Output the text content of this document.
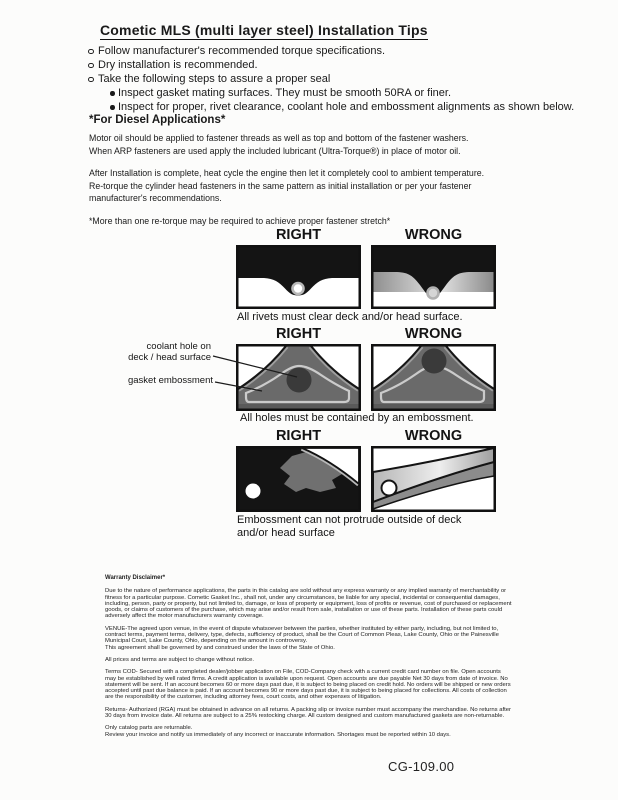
Cometic MLS (multi layer steel) Installation Tips
Follow manufacturer's recommended torque specifications.
Dry installation is recommended.
Take the following steps to assure a proper seal
Inspect gasket mating surfaces. They must be smooth 50RA or finer.
Inspect for proper, rivet clearance, coolant hole and embossment alignments as shown below.
*For Diesel Applications*

Motor oil should be applied to fastener threads as well as top and bottom of the fastener washers. When ARP fasteners are used apply the included lubricant (Ultra-Torque®) in place of motor oil.

After Installation is complete, heat cycle the engine then let it completely cool to ambient temperature. Re-torque the cylinder head fasteners in the same pattern as initial installation or per your fastener manufacturer's recommendations.

*More than one re-torque may be required to achieve proper fastener stretch*

RIGHT	WRONG
All rivets must clear deck and/or head surface.
RIGHT	WRONG
coolant hole on
deck / head surface
gasket embossment
All holes must be contained by an embossment.
RIGHT	WRONG
Embossment can not protrude outside of deck
and/or head surface
Warranty Disclaimer*

Due to the nature of performance applications, the parts in this catalog are sold without any express warranty or any implied warranty of merchantability or fitness for a particular purpose. Cometic Gasket Inc., shall not, under any circumstances, be liable for any special, incidental or consequential damages, including, person, party or property, but not limited to, damage, or loss of property or equipment, loss of profits or revenue, cost of purchased or replacement goods, or claims of customers of the purchase, which may arise and/or result from sale, installation or use of these parts. Installation of these parts could adversely affect the motor manufacturers warranty coverage.

VENUE-The agreed upon venue, in the event of dispute whatsoever between the parties, whether instituted by either party, including, but not limited to, contract terms, payment terms, delivery, type, defects, sufficiency of product, shall be the Court of Common Pleas, Lake County, Ohio or the Painesville Municipal Court, Lake County, Ohio, depending on the amount in controversy.
This agreement shall be governed by and construed under the laws of the State of Ohio.

All prices and terms are subject to change without notice.

Terms COD- Secured with a completed dealer/jobber application on File, COD-Company check with a current credit card number on file. Open accounts may be established by well rated firms. A credit application is available upon request. Open accounts are due payable Net 30 days from date of invoice. No statement will be sent. If an account becomes 60 or more days past due, it is subject to being placed on credit hold. No orders will be shipped or new orders accepted until past due balance is paid. If an account becomes 90 or more days past due, it is subject to being placed for collections. All costs of collection are the responsibility of the customer, including attorney fees, court costs, and other expenses of litigation.

Returns- Authorized (RGA) must be obtained in advance on all returns. A packing slip or invoice number must accompany the merchandise. No returns after 30 days from invoice date. All returns are subject to a 25% restocking charge. All custom designed and custom manufactured gaskets are non-returnable.

Only catalog parts are returnable.
Review your invoice and notify us immediately of any incorrect or inaccurate information. Shortages must be reported within 10 days.

CG-109.00
